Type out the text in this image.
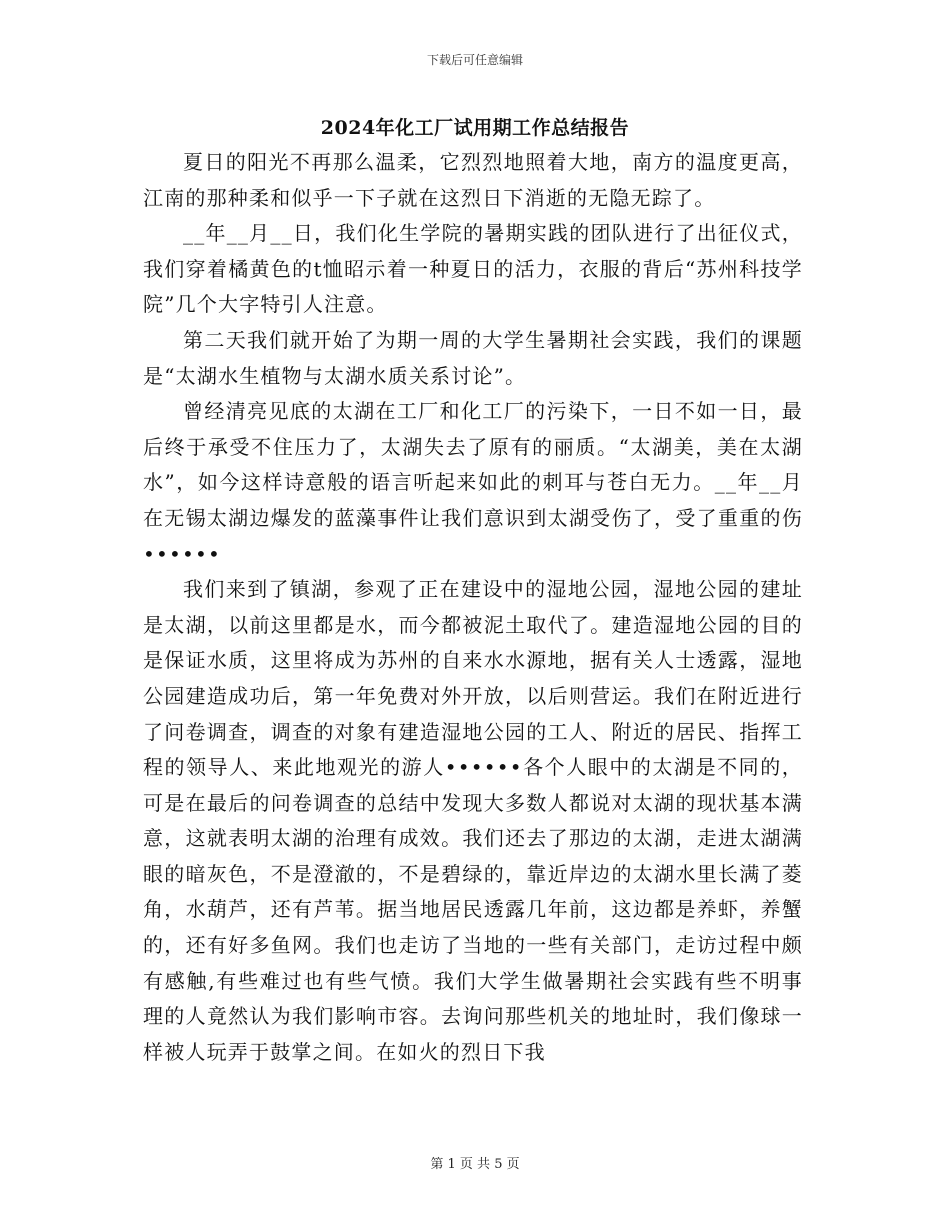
下载后可任意编辑
2024年化工厂试用期工作总结报告

夏日的阳光不再那么温柔，它烈烈地照着大地，南方的温度更高，江南的那种柔和似乎一下子就在这烈日下消逝的无隐无踪了。

__年__月__日，我们化生学院的暑期实践的团队进行了出征仪式，我们穿着橘黄色的t恤昭示着一种夏日的活力，衣服的背后“苏州科技学院”几个大字特引人注意。

第二天我们就开始了为期一周的大学生暑期社会实践，我们的课题是“太湖水生植物与太湖水质关系讨论”。

曾经清亮见底的太湖在工厂和化工厂的污染下，一日不如一日，最后终于承受不住压力了，太湖失去了原有的丽质。“太湖美，美在太湖水”，如今这样诗意般的语言听起来如此的刺耳与苍白无力。__年__月在无锡太湖边爆发的蓝藻事件让我们意识到太湖受伤了，受了重重的伤••••••

我们来到了镇湖，参观了正在建设中的湿地公园，湿地公园的建址是太湖，以前这里都是水，而今都被泥土取代了。建造湿地公园的目的是保证水质，这里将成为苏州的自来水水源地，据有关人士透露，湿地公园建造成功后，第一年免费对外开放，以后则营运。我们在附近进行了问卷调查，调查的对象有建造湿地公园的工人、附近的居民、指挥工程的领导人、来此地观光的游人••••••各个人眼中的太湖是不同的，可是在最后的问卷调查的总结中发现大多数人都说对太湖的现状基本满意，这就表明太湖的治理有成效。我们还去了那边的太湖，走进太湖满眼的暗灰色，不是澄澈的，不是碧绿的，靠近岸边的太湖水里长满了菱角，水葫芦，还有芦苇。据当地居民透露几年前，这边都是养虾，养蟹的，还有好多鱼网。我们也走访了当地的一些有关部门，走访过程中颇有感触,有些难过也有些气愤。我们大学生做暑期社会实践有些不明事理的人竟然认为我们影响市容。去询问那些机关的地址时，我们像球一样被人玩弄于鼓掌之间。在如火的烈日下我

第 1 页 共 5 页
